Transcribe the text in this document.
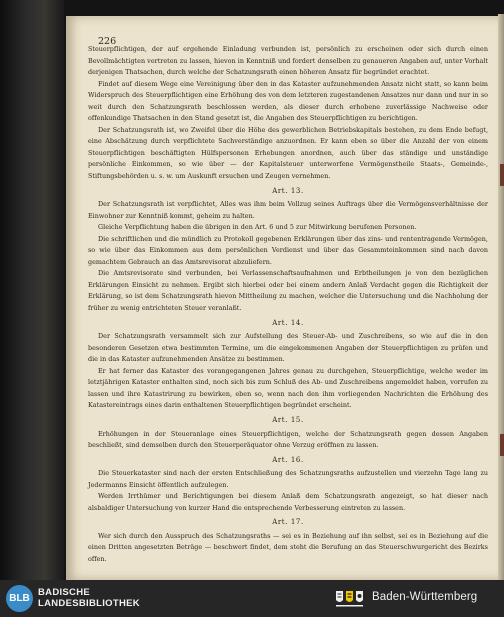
226

Steuerpflichtigen, der auf ergehende Einladung verbunden ist, persönlich zu erscheinen oder sich durch einen Bevollmächtigten vertreten zu lassen, hievon in Kenntniß und fordert denselben zu genaueren Angaben auf, unter Vorhalt derjenigen Thatsachen, durch welche der Schatzungsrath einen höheren Ansatz für begründet erachtet.

Findet auf diesem Wege eine Vereinigung über den in das Kataster aufzunehmenden Ansatz nicht statt, so kann beim Widerspruch des Steuerpflichtigen eine Erhöhung des von dem letzteren zugestandenen Ansatzes nur dann und nur in so weit durch den Schatzungsrath beschlossen werden, als dieser durch erhobene zuverlässige Nachweise oder offenkundige Thatsachen in den Stand gesetzt ist, die Angaben des Steuerpflichtigen zu berichtigen.

Der Schatzungsrath ist, wo Zweifel über die Höhe des gewerblichen Betriebskapitals bestehen, zu dem Ende befugt, eine Abschätzung durch verpflichtete Sachverständige anzuordnen. Er kann eben so über die Anzahl der von einem Steuerpflichtigen beschäftigten Hülfspersonen Erhebungen anordnen, auch über das ständige und unständige persönliche Einkommen, so wie über — der Kapitalsteuer unterworfene Vermögenstheile Staats-, Gemeinde-, Stiftungsbehörden u. s. w. um Auskunft ersuchen und Zeugen vernehmen.

Art. 13.

Der Schatzungsrath ist verpflichtet, Alles was ihm beim Vollzug seines Auftrags über die Vermögensverhältnisse der Einwohner zur Kenntniß kommt, geheim zu halten.

Gleiche Verpflichtung haben die übrigen in den Art. 6 und 5 zur Mitwirkung berufenen Personen.

Die schriftlichen und die mündlich zu Protokoll gegebenen Erklärungen über das zins- und rententragende Vermögen, so wie über das Einkommen aus dem persönlichen Verdienst und über das Gesammteinkommen sind nach davon gemachtem Gebrauch an das Amtsrevisorat abzuliefern.

Die Amtsrevisorate sind verbunden, bei Verlassenschaftsaufnahmen und Erbtheilungen je von den bezüglichen Erklärungen Einsicht zu nehmen. Ergibt sich hierbei oder bei einem andern Anlaß Verdacht gegen die Richtigkeit der Erklärung, so ist dem Schatzungsrath hievon Mittheilung zu machen, welcher die Untersuchung und die Nachholung der früher zu wenig entrichteten Steuer veranlaßt.

Art. 14.

Der Schatzungsrath versammelt sich zur Aufstellung des Steuer-Ab- und Zuschreibens, so wie auf die in den besonderen Gesetzen etwa bestimmten Termine, um die eingekommenen Angaben der Steuerpflichtigen zu prüfen und die in das Kataster aufzunehmenden Ansätze zu bestimmen.

Er hat ferner das Kataster des vorangegangenen Jahres genau zu durchgehen, Steuerpflichtige, welche weder im letztjährigen Kataster enthalten sind, noch sich bis zum Schluß des Ab- und Zuschreibens angemeldet haben, vorrufen zu lassen und ihre Katastrirung zu bewirken, eben so, wenn nach den ihm vorliegenden Nachrichten die Erhöhung des Katastereintrags eines darin enthaltenen Steuerpflichtigen begründet erscheint.

Art. 15.

Erhöhungen in der Steueranlage eines Steuerpflichtigen, welche der Schatzungsrath gegen dessen Angaben beschließt, sind demselben durch den Steuerperäquator ohne Verzug eröffnen zu lassen.

Art. 16.

Die Steuerkataster sind nach der ersten Entschließung des Schatzungsraths aufzustellen und vierzehn Tage lang zu Jedermanns Einsicht öffentlich aufzulegen.

Werden Irrthümer und Berichtigungen bei diesem Anlaß dem Schatzungsrath angezeigt, so hat dieser nach alsbaldiger Untersuchung von kurzer Hand die entsprechende Verbesserung eintreten zu lassen.

Art. 17.

Wer sich durch den Ausspruch des Schatzungsraths — sei es in Beziehung auf ihn selbst, sei es in Beziehung auf die einen Dritten angesetzten Beträge — beschwert findet, dem steht die Berufung an das Steuerschwurgericht des Bezirks offen.

BLB
BADISCHE
LANDESBIBLIOTHEK
Baden-Württemberg
